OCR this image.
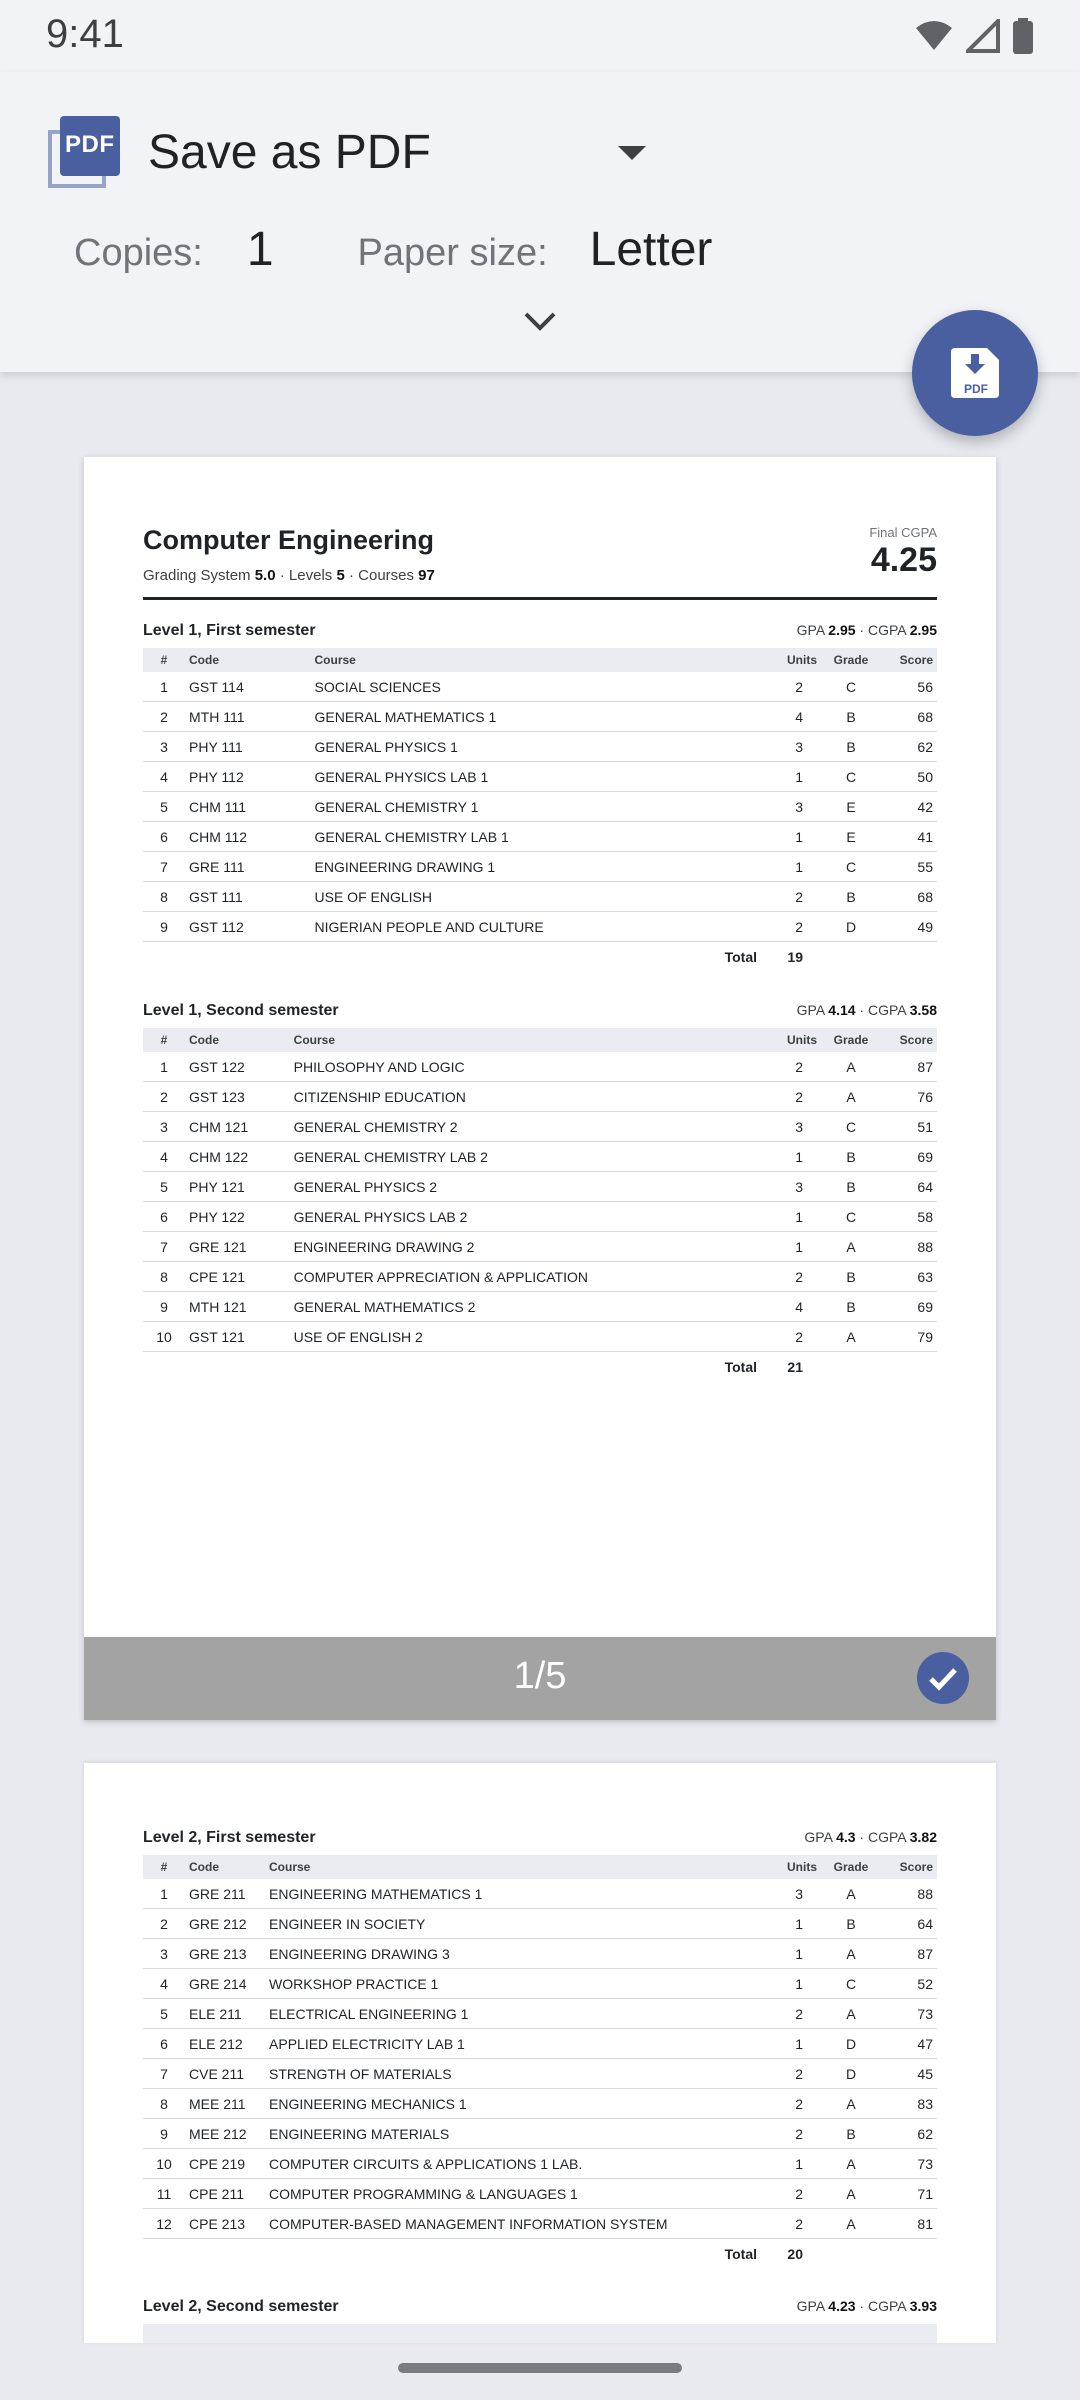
9:41
PDF Save as PDF
Copies: 1 Paper size: Letter
PDF
Computer Engineering
Grading System 5.0 · Levels 5 · Courses 97
Final CGPA
4.25
Level 1, First semester	GPA 2.95 · CGPA 2.95
#	Code	Course	Units	Grade	Score
1	GST 114	SOCIAL SCIENCES	2	C	56
2	MTH 111	GENERAL MATHEMATICS 1	4	B	68
3	PHY 111	GENERAL PHYSICS 1	3	B	62
4	PHY 112	GENERAL PHYSICS LAB 1	1	C	50
5	CHM 111	GENERAL CHEMISTRY 1	3	E	42
6	CHM 112	GENERAL CHEMISTRY LAB 1	1	E	41
7	GRE 111	ENGINEERING DRAWING 1	1	C	55
8	GST 111	USE OF ENGLISH	2	B	68
9	GST 112	NIGERIAN PEOPLE AND CULTURE	2	D	49
		Total	19		
Level 1, Second semester	GPA 4.14 · CGPA 3.58
#	Code	Course	Units	Grade	Score
1	GST 122	PHILOSOPHY AND LOGIC	2	A	87
2	GST 123	CITIZENSHIP EDUCATION	2	A	76
3	CHM 121	GENERAL CHEMISTRY 2	3	C	51
4	CHM 122	GENERAL CHEMISTRY LAB 2	1	B	69
5	PHY 121	GENERAL PHYSICS 2	3	B	64
6	PHY 122	GENERAL PHYSICS LAB 2	1	C	58
7	GRE 121	ENGINEERING DRAWING 2	1	A	88
8	CPE 121	COMPUTER APPRECIATION & APPLICATION	2	B	63
9	MTH 121	GENERAL MATHEMATICS 2	4	B	69
10	GST 121	USE OF ENGLISH 2	2	A	79
		Total	21		
1/5
Level 2, First semester	GPA 4.3 · CGPA 3.82
#	Code	Course	Units	Grade	Score
1	GRE 211	ENGINEERING MATHEMATICS 1	3	A	88
2	GRE 212	ENGINEER IN SOCIETY	1	B	64
3	GRE 213	ENGINEERING DRAWING 3	1	A	87
4	GRE 214	WORKSHOP PRACTICE 1	1	C	52
5	ELE 211	ELECTRICAL ENGINEERING 1	2	A	73
6	ELE 212	APPLIED ELECTRICITY LAB 1	1	D	47
7	CVE 211	STRENGTH OF MATERIALS	2	D	45
8	MEE 211	ENGINEERING MECHANICS 1	2	A	83
9	MEE 212	ENGINEERING MATERIALS	2	B	62
10	CPE 219	COMPUTER CIRCUITS & APPLICATIONS 1 LAB.	1	A	73
11	CPE 211	COMPUTER PROGRAMMING & LANGUAGES 1	2	A	71
12	CPE 213	COMPUTER-BASED MANAGEMENT INFORMATION SYSTEM	2	A	81
		Total	20		
Level 2, Second semester	GPA 4.23 · CGPA 3.93
